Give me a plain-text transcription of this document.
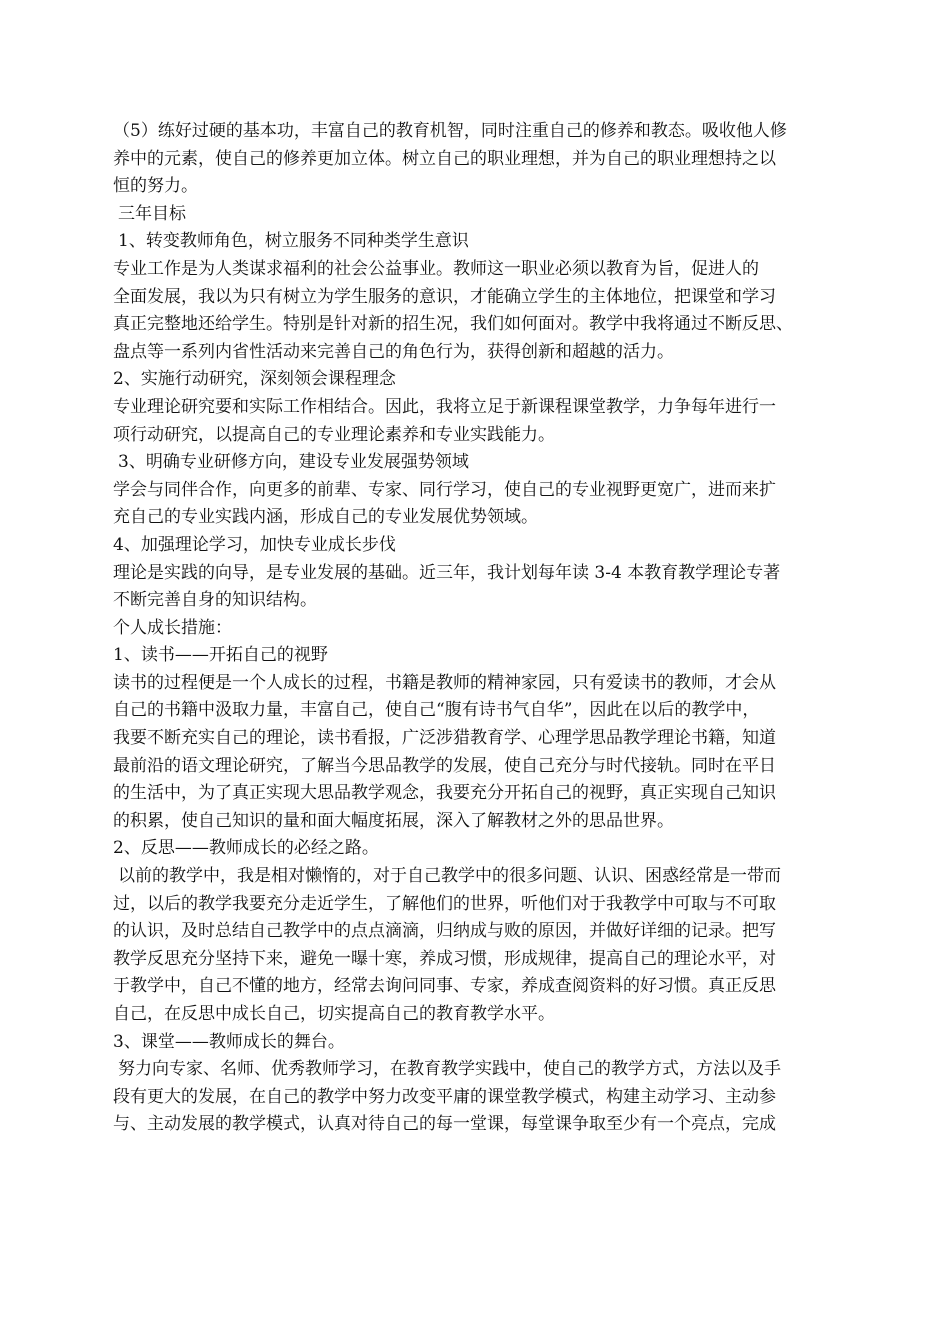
（5）练好过硬的基本功，丰富自己的教育机智，同时注重自己的修养和教态。吸收他人修
养中的元素，使自己的修养更加立体。树立自己的职业理想，并为自己的职业理想持之以
恒的努力。
三年目标
1、转变教师角色，树立服务不同种类学生意识
专业工作是为人类谋求福利的社会公益事业。教师这一职业必须以教育为旨，促进人的
全面发展，我以为只有树立为学生服务的意识，才能确立学生的主体地位，把课堂和学习
真正完整地还给学生。特别是针对新的招生况，我们如何面对。教学中我将通过不断反思、
盘点等一系列内省性活动来完善自己的角色行为，获得创新和超越的活力。
2、实施行动研究，深刻领会课程理念
专业理论研究要和实际工作相结合。因此，我将立足于新课程课堂教学，力争每年进行一
项行动研究，以提高自己的专业理论素养和专业实践能力。
3、明确专业研修方向，建设专业发展强势领域
学会与同伴合作，向更多的前辈、专家、同行学习，使自己的专业视野更宽广，进而来扩
充自己的专业实践内涵，形成自己的专业发展优势领域。
4、加强理论学习，加快专业成长步伐
理论是实践的向导，是专业发展的基础。近三年，我计划每年读 3-4 本教育教学理论专著
不断完善自身的知识结构。
个人成长措施：
1、读书——开拓自己的视野
读书的过程便是一个人成长的过程，书籍是教师的精神家园，只有爱读书的教师，才会从
自己的书籍中汲取力量，丰富自己，使自己“腹有诗书气自华”，因此在以后的教学中，
我要不断充实自己的理论，读书看报，广泛涉猎教育学、心理学思品教学理论书籍，知道
最前沿的语文理论研究，了解当今思品教学的发展，使自己充分与时代接轨。同时在平日
的生活中，为了真正实现大思品教学观念，我要充分开拓自己的视野，真正实现自己知识
的积累，使自己知识的量和面大幅度拓展，深入了解教材之外的思品世界。
2、反思——教师成长的必经之路。
以前的教学中，我是相对懒惰的，对于自己教学中的很多问题、认识、困惑经常是一带而
过，以后的教学我要充分走近学生，了解他们的世界，听他们对于我教学中可取与不可取
的认识，及时总结自己教学中的点点滴滴，归纳成与败的原因，并做好详细的记录。把写
教学反思充分坚持下来，避免一曝十寒，养成习惯，形成规律，提高自己的理论水平，对
于教学中，自己不懂的地方，经常去询问同事、专家，养成查阅资料的好习惯。真正反思
自己，在反思中成长自己，切实提高自己的教育教学水平。
3、课堂——教师成长的舞台。
努力向专家、名师、优秀教师学习，在教育教学实践中，使自己的教学方式，方法以及手
段有更大的发展，在自己的教学中努力改变平庸的课堂教学模式，构建主动学习、主动参
与、主动发展的教学模式，认真对待自己的每一堂课，每堂课争取至少有一个亮点，完成
